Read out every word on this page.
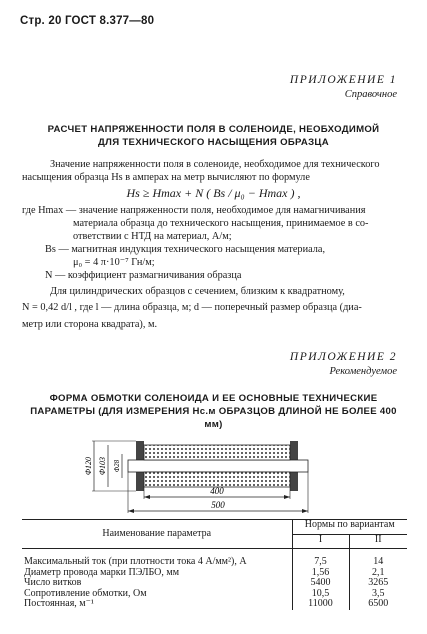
Стр. 20 ГОСТ 8.377—80
ПРИЛОЖЕНИЕ 1
Справочное
РАСЧЕТ НАПРЯЖЕННОСТИ ПОЛЯ В СОЛЕНОИДЕ, НЕОБХОДИМОЙ
ДЛЯ ТЕХНИЧЕСКОГО НАСЫЩЕНИЯ ОБРАЗЦА
Значение напряженности поля в соленоиде, необходимое для технического
насыщения образца Hs в амперах на метр вычисляют по формуле
Hs ≥ Hmax + N ( Bs / μ₀ − Hmax ) ,
где Hmax — значение напряженности поля, необходимое для намагничивания
материала образца до технического насыщения, принимаемое в со-
ответствии с НТД на материал, А/м;
Bs — магнитная индукция технического насыщения материала,
μ₀ = 4 π·10⁻⁷ Гн/м;
N — коэффициент размагничивания образца
Для цилиндрических образцов с сечением, близким к квадратному,
N = 0,42 d/l , где l — длина образца, м; d — поперечный размер образца (диа-
метр или сторона квадрата), м.
ПРИЛОЖЕНИЕ 2
Рекомендуемое
ФОРМА ОБМОТКИ СОЛЕНОИДА И ЕЕ ОСНОВНЫЕ ТЕХНИЧЕСКИЕ
ПАРАМЕТРЫ (ДЛЯ ИЗМЕРЕНИЯ Hc.м ОБРАЗЦОВ ДЛИНОЙ НЕ БОЛЕЕ 400 мм)
Φ120 Φ103 Φ28
400
500
Наименование параметра	Нормы по вариантам	
	I	II

Максимальный ток (при плотности тока 4 А/мм²), А	7,5	14
Диаметр провода марки ПЭЛБО, мм	1,56	2,1
Число витков	5400	3265
Сопротивление обмотки, Ом	10,5	3,5
Постоянная, м⁻¹	11000	6500
